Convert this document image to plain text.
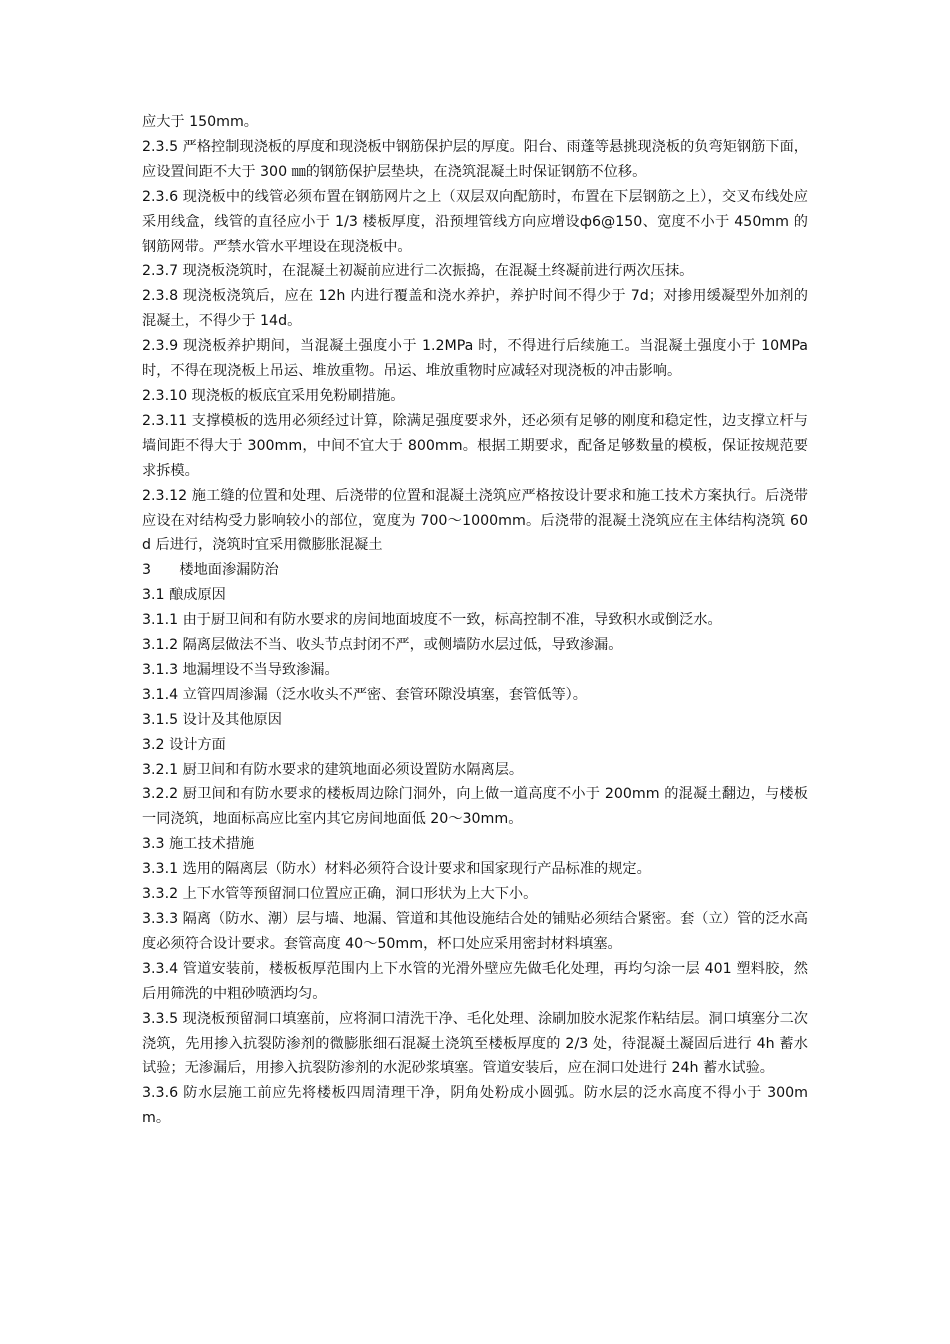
应大于 150mm。

2.3.5 严格控制现浇板的厚度和现浇板中钢筋保护层的厚度。阳台、雨蓬等悬挑现浇板的负弯矩钢筋下面，应设置间距不大于 300 ㎜的钢筋保护层垫块，在浇筑混凝土时保证钢筋不位移。

2.3.6 现浇板中的线管必须布置在钢筋网片之上（双层双向配筋时，布置在下层钢筋之上），交叉布线处应采用线盒，线管的直径应小于 1/3 楼板厚度，沿预埋管线方向应增设ф6@150、宽度不小于 450mm 的钢筋网带。严禁水管水平埋设在现浇板中。

2.3.7 现浇板浇筑时，在混凝土初凝前应进行二次振捣，在混凝土终凝前进行两次压抹。

2.3.8 现浇板浇筑后，应在 12h 内进行覆盖和浇水养护，养护时间不得少于 7d；对掺用缓凝型外加剂的混凝土，不得少于 14d。

2.3.9 现浇板养护期间，当混凝土强度小于 1.2MPa 时，不得进行后续施工。当混凝土强度小于 10MPa 时，不得在现浇板上吊运、堆放重物。吊运、堆放重物时应减轻对现浇板的冲击影响。

2.3.10 现浇板的板底宜采用免粉刷措施。

2.3.11 支撑模板的选用必须经过计算，除满足强度要求外，还必须有足够的刚度和稳定性，边支撑立杆与墙间距不得大于 300mm，中间不宜大于 800mm。根据工期要求，配备足够数量的模板，保证按规范要求拆模。

2.3.12 施工缝的位置和处理、后浇带的位置和混凝土浇筑应严格按设计要求和施工技术方案执行。后浇带应设在对结构受力影响较小的部位，宽度为 700～1000mm。后浇带的混凝土浇筑应在主体结构浇筑 60d 后进行，浇筑时宜采用微膨胀混凝土

3　　楼地面渗漏防治

3.1 酿成原因

3.1.1 由于厨卫间和有防水要求的房间地面坡度不一致，标高控制不准，导致积水或倒泛水。

3.1.2 隔离层做法不当、收头节点封闭不严，或侧墙防水层过低，导致渗漏。

3.1.3 地漏埋设不当导致渗漏。

3.1.4 立管四周渗漏（泛水收头不严密、套管环隙没填塞，套管低等）。

3.1.5 设计及其他原因

3.2 设计方面

3.2.1 厨卫间和有防水要求的建筑地面必须设置防水隔离层。

3.2.2 厨卫间和有防水要求的楼板周边除门洞外，向上做一道高度不小于 200mm 的混凝土翻边，与楼板一同浇筑，地面标高应比室内其它房间地面低 20～30mm。

3.3 施工技术措施

3.3.1 选用的隔离层（防水）材料必须符合设计要求和国家现行产品标准的规定。

3.3.2 上下水管等预留洞口位置应正确，洞口形状为上大下小。

3.3.3 隔离（防水、潮）层与墙、地漏、管道和其他设施结合处的铺贴必须结合紧密。套（立）管的泛水高度必须符合设计要求。套管高度 40～50mm，杯口处应采用密封材料填塞。

3.3.4 管道安装前，楼板板厚范围内上下水管的光滑外壁应先做毛化处理，再均匀涂一层 401 塑料胶，然后用筛洗的中粗砂喷洒均匀。

3.3.5 现浇板预留洞口填塞前，应将洞口清洗干净、毛化处理、涂刷加胶水泥浆作粘结层。洞口填塞分二次浇筑，先用掺入抗裂防渗剂的微膨胀细石混凝土浇筑至楼板厚度的 2/3 处，待混凝土凝固后进行 4h 蓄水试验；无渗漏后，用掺入抗裂防渗剂的水泥砂浆填塞。管道安装后，应在洞口处进行 24h 蓄水试验。

3.3.6 防水层施工前应先将楼板四周清理干净，阴角处粉成小圆弧。防水层的泛水高度不得小于 300mm。
